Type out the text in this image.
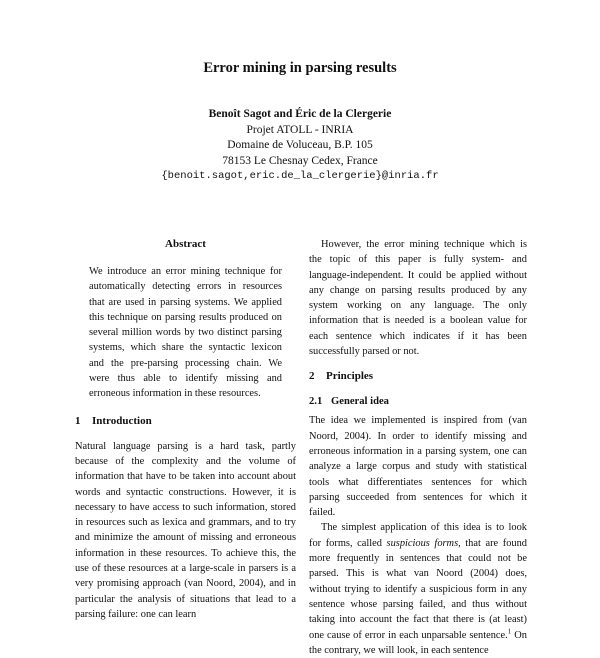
Error mining in parsing results
Benoît Sagot and Éric de la Clergerie
Projet ATOLL - INRIA
Domaine de Voluceau, B.P. 105
78153 Le Chesnay Cedex, France
{benoit.sagot,eric.de_la_clergerie}@inria.fr
Abstract

We introduce an error mining technique for automatically detecting errors in resources that are used in parsing systems. We applied this technique on parsing results produced on several million words by two distinct parsing systems, which share the syntactic lexicon and the pre-parsing processing chain. We were thus able to identify missing and erroneous information in these resources.

1 Introduction

Natural language parsing is a hard task, partly because of the complexity and the volume of information that have to be taken into account about words and syntactic constructions. However, it is necessary to have access to such information, stored in resources such as lexica and grammars, and to try and minimize the amount of missing and erroneous information in these resources. To achieve this, the use of these resources at a large-scale in parsers is a very promising approach (van Noord, 2004), and in particular the analysis of situations that lead to a parsing failure: one can learn

However, the error mining technique which is the topic of this paper is fully system- and language-independent. It could be applied without any change on parsing results produced by any system working on any language. The only information that is needed is a boolean value for each sentence which indicates if it has been successfully parsed or not.

2 Principles
2.1 General idea

The idea we implemented is inspired from (van Noord, 2004). In order to identify missing and erroneous information in a parsing system, one can analyze a large corpus and study with statistical tools what differentiates sentences for which parsing succeeded from sentences for which it failed.

The simplest application of this idea is to look for forms, called suspicious forms, that are found more frequently in sentences that could not be parsed. This is what van Noord (2004) does, without trying to identify a suspicious form in any sentence whose parsing failed, and thus without taking into account the fact that there is (at least) one cause of error in each unparsable sentence.$^1$ On the contrary, we will look, in each sentence
